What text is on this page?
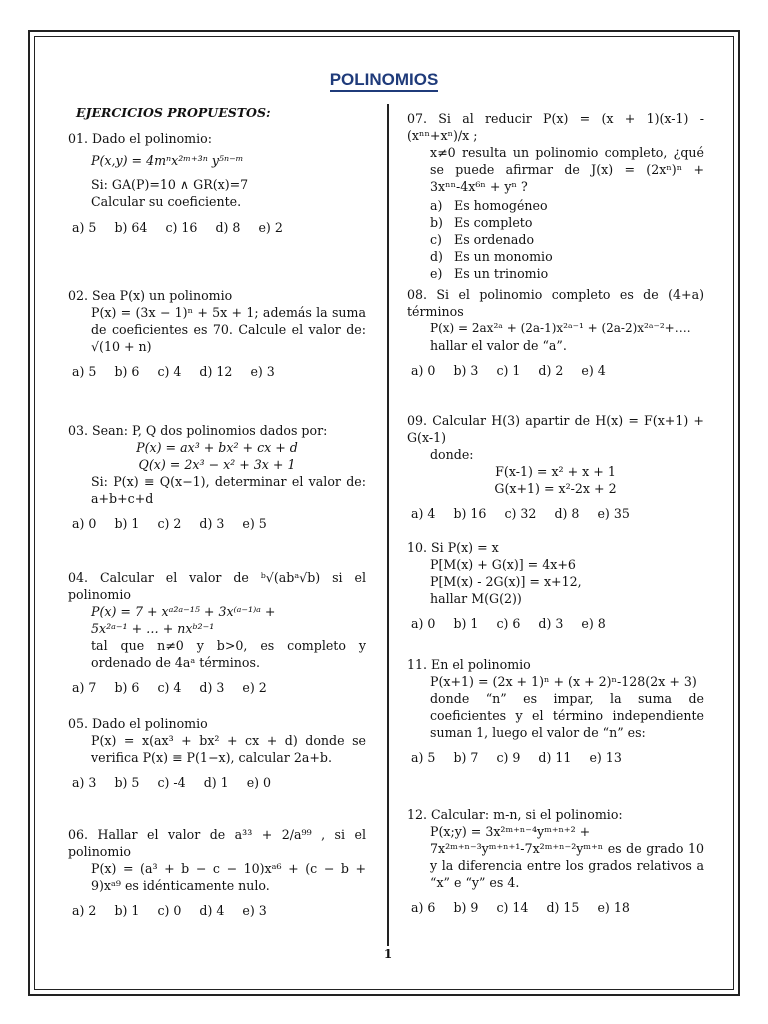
POLINOMIOS
EJERCICIOS PROPUESTOS:

01. Dado el polinomio:

P(x,y) = 4mⁿx²ᵐ⁺³ⁿ y⁵ⁿ⁻ᵐ

Si: GA(P)=10 ∧ GR(x)=7

Calcular su coeficiente.

a) 5 b) 64 c) 16 d) 8 e) 2

02. Sea P(x) un polinomio

P(x) = (3x − 1)ⁿ + 5x + 1; además la suma de coeficientes es 70. Calcule el valor de: √(10 + n)

a) 5 b) 6 c) 4 d) 12 e) 3

03. Sean: P, Q dos polinomios dados por:

P(x) = ax³ + bx² + cx + d

Q(x) = 2x³ − x² + 3x + 1

Si: P(x) ≡ Q(x−1), determinar el valor de: a+b+c+d

a) 0 b) 1 c) 2 d) 3 e) 5

04. Calcular el valor de ᵇ√(abᵃ√b) si el polinomio

P(x) = 7 + xᵃ²ᵃ⁻¹⁵ + 3x⁽ᵃ⁻¹⁾ᵃ +

5x²ᵃ⁻¹ + … + nxᵇ²⁻¹

tal que n≠0 y b>0, es completo y ordenado de 4aᵃ términos.

a) 7 b) 6 c) 4 d) 3 e) 2

05. Dado el polinomio

P(x) = x(ax³ + bx² + cx + d) donde se verifica P(x) ≡ P(1−x), calcular 2a+b.

a) 3 b) 5 c) -4 d) 1 e) 0

06. Hallar el valor de a³³ + 2/a⁹⁹ , si el polinomio

P(x) = (a³ + b − c − 10)xᵃ⁶ + (c − b + 9)xᵃ⁹ es idénticamente nulo.

a) 2 b) 1 c) 0 d) 4 e) 3

07. Si al reducir P(x) = (x + 1)(x-1) - (xⁿⁿ+xⁿ)/x ;

x≠0 resulta un polinomio completo, ¿qué se puede afirmar de J(x) = (2xⁿ)ⁿ + 3xⁿⁿ-4x⁶ⁿ + yⁿ ?

a) Es homogéneo
b) Es completo
c) Es ordenado
d) Es un monomio
e) Es un trinomio

08. Si el polinomio completo es de (4+a) términos

P(x) = 2ax²ᵃ + (2a-1)x²ᵃ⁻¹ + (2a-2)x²ᵃ⁻²+….

hallar el valor de “a”.

a) 0 b) 3 c) 1 d) 2 e) 4

09. Calcular H(3) apartir de H(x) = F(x+1) + G(x-1)

donde:

F(x-1) = x² + x + 1

G(x+1) = x²-2x + 2

a) 4 b) 16 c) 32 d) 8 e) 35

10. Si P(x) = x

P[M(x) + G(x)] = 4x+6

P[M(x) - 2G(x)] = x+12,

hallar M(G(2))

a) 0 b) 1 c) 6 d) 3 e) 8

11. En el polinomio

P(x+1) = (2x + 1)ⁿ + (x + 2)ⁿ-128(2x + 3)

donde “n” es impar, la suma de coeficientes y el término independiente suman 1, luego el valor de “n” es:

a) 5 b) 7 c) 9 d) 11 e) 13

12. Calcular: m-n, si el polinomio:

P(x;y) = 3x²ᵐ⁺ⁿ⁻⁴yᵐ⁺ⁿ⁺² +

7x²ᵐ⁺ⁿ⁻³yᵐ⁺ⁿ⁺¹-7x²ᵐ⁺ⁿ⁻²yᵐ⁺ⁿ es de grado 10 y la diferencia entre los grados relativos a “x” e “y” es 4.

a) 6 b) 9 c) 14 d) 15 e) 18
1
